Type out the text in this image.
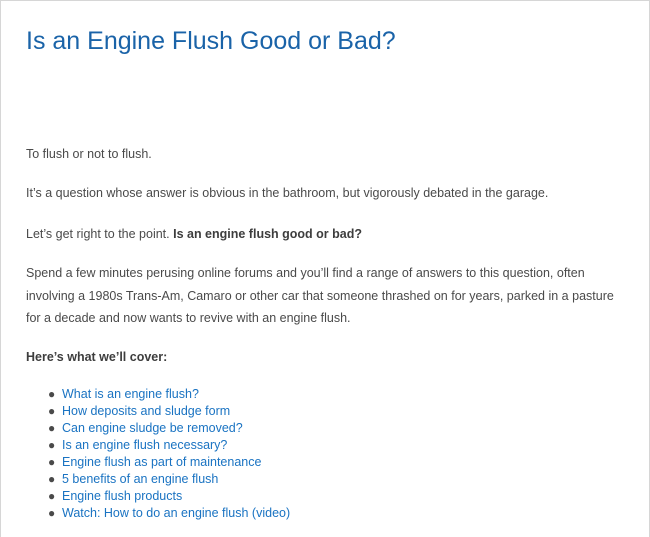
Is an Engine Flush Good or Bad?

To flush or not to flush.

It’s a question whose answer is obvious in the bathroom, but vigorously debated in the garage.

Let’s get right to the point. Is an engine flush good or bad?

Spend a few minutes perusing online forums and you’ll find a range of answers to this question, often involving a 1980s Trans-Am, Camaro or other car that someone thrashed on for years, parked in a pasture for a decade and now wants to revive with an engine flush.

Here’s what we’ll cover:

● What is an engine flush?
● How deposits and sludge form
● Can engine sludge be removed?
● Is an engine flush necessary?
● Engine flush as part of maintenance
● 5 benefits of an engine flush
● Engine flush products
● Watch: How to do an engine flush (video)
